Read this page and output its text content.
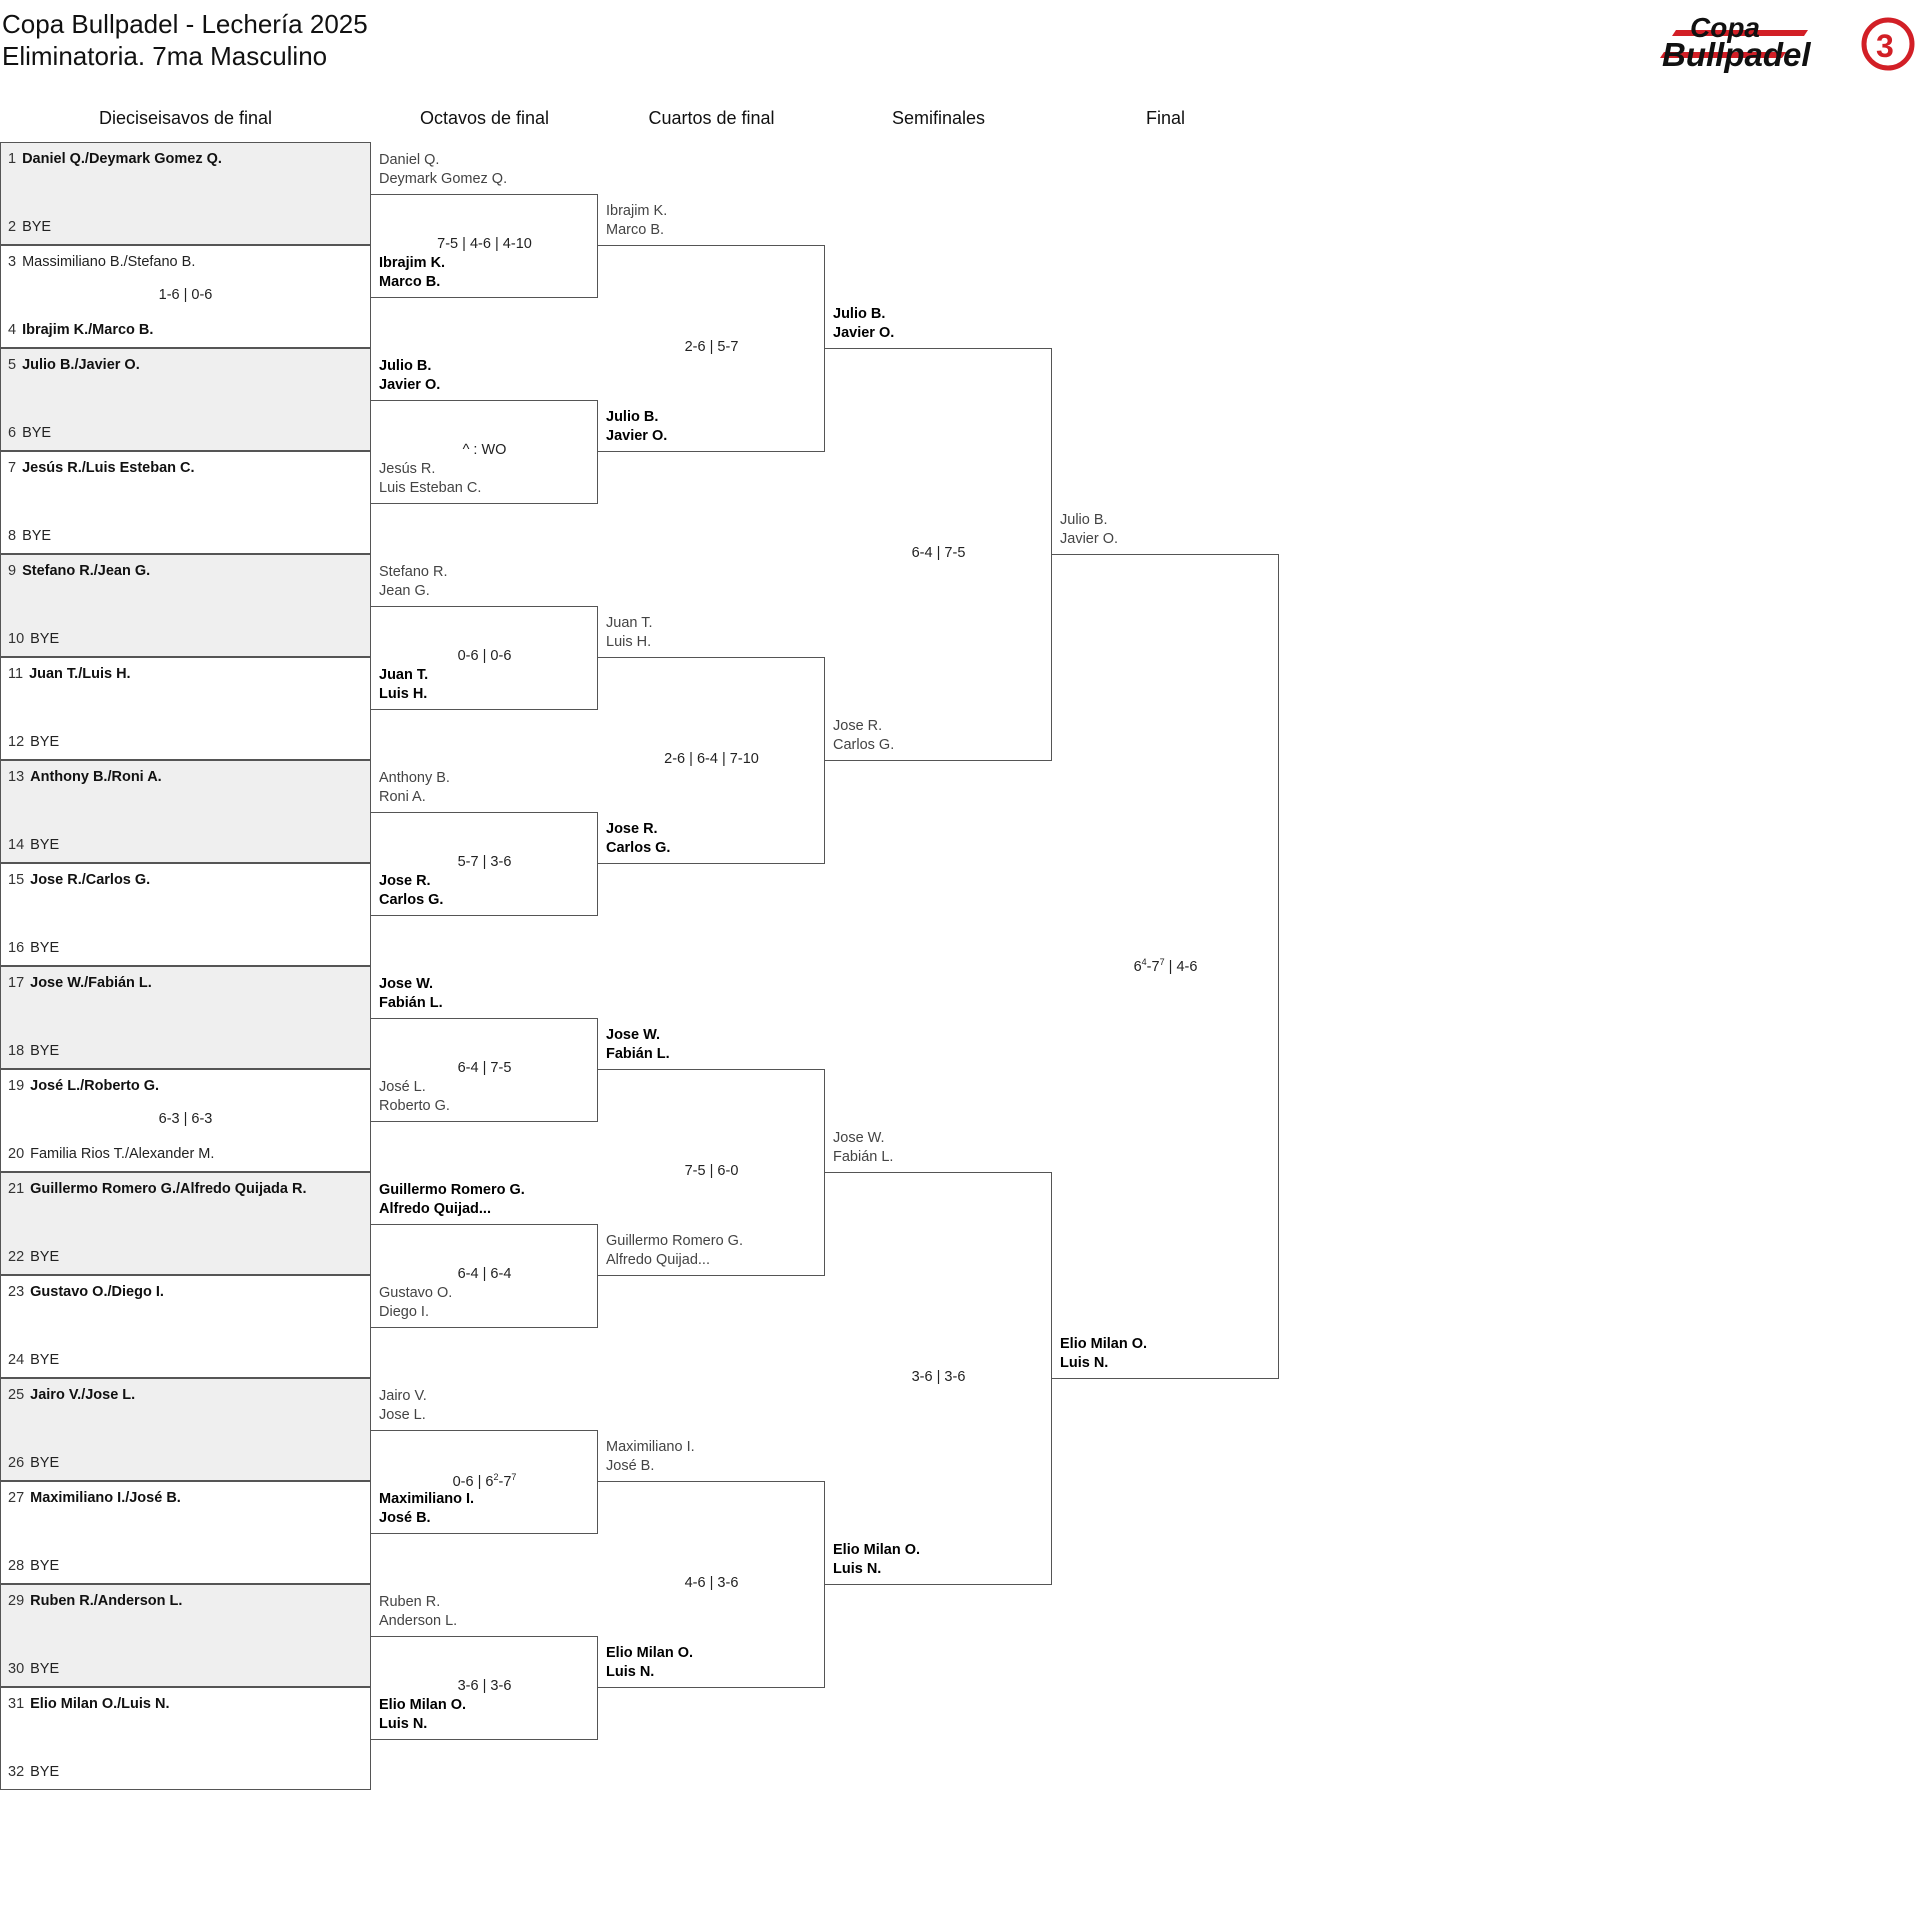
Copa Bullpadel - Lechería 2025
Eliminatoria. 7ma Masculino
Copa
Bullpadel 3
Dieciseisavos de final	Octavos de final	Cuartos de final	Semifinales	Final
1 Daniel Q./Deymark Gomez Q.
2 BYE
3 Massimiliano B./Stefano B.
4 Ibrajim K./Marco B.
1-6 | 0-6
5 Julio B./Javier O.
6 BYE
7 Jesús R./Luis Esteban C.
8 BYE
9 Stefano R./Jean G.
10 BYE
11 Juan T./Luis H.
12 BYE
13 Anthony B./Roni A.
14 BYE
15 Jose R./Carlos G.
16 BYE
17 Jose W./Fabián L.
18 BYE
19 José L./Roberto G.
20 Familia Rios T./Alexander M.
6-3 | 6-3
21 Guillermo Romero G./Alfredo Quijada R.
22 BYE
23 Gustavo O./Diego I.
24 BYE
25 Jairo V./Jose L.
26 BYE
27 Maximiliano I./José B.
28 BYE
29 Ruben R./Anderson L.
30 BYE
31 Elio Milan O./Luis N.
32 BYE
Daniel Q.
Deymark Gomez Q.
Ibrajim K.
Marco B.
7-5 | 4-6 | 4-10
Julio B.
Javier O.
Jesús R.
Luis Esteban C.
^ : WO
Stefano R.
Jean G.
Juan T.
Luis H.
0-6 | 0-6
Anthony B.
Roni A.
Jose R.
Carlos G.
5-7 | 3-6
Jose W.
Fabián L.
José L.
Roberto G.
6-4 | 7-5
Guillermo Romero G.
Alfredo Quijad...
Gustavo O.
Diego I.
6-4 | 6-4
Jairo V.
Jose L.
Maximiliano I.
José B.
0-6 | $6^2-7^7$
Ruben R.
Anderson L.
Elio Milan O.
Luis N.
3-6 | 3-6
Ibrajim K.
Marco B.
Julio B.
Javier O.
2-6 | 5-7
Juan T.
Luis H.
Jose R.
Carlos G.
2-6 | 6-4 | 7-10
Jose W.
Fabián L.
Guillermo Romero G.
Alfredo Quijad...
7-5 | 6-0
Maximiliano I.
José B.
Elio Milan O.
Luis N.
4-6 | 3-6
Julio B.
Javier O.
Jose R.
Carlos G.
6-4 | 7-5
Jose W.
Fabián L.
Elio Milan O.
Luis N.
3-6 | 3-6
Julio B.
Javier O.
Elio Milan O.
Luis N.
$6^4-7^7$ | 4-6
